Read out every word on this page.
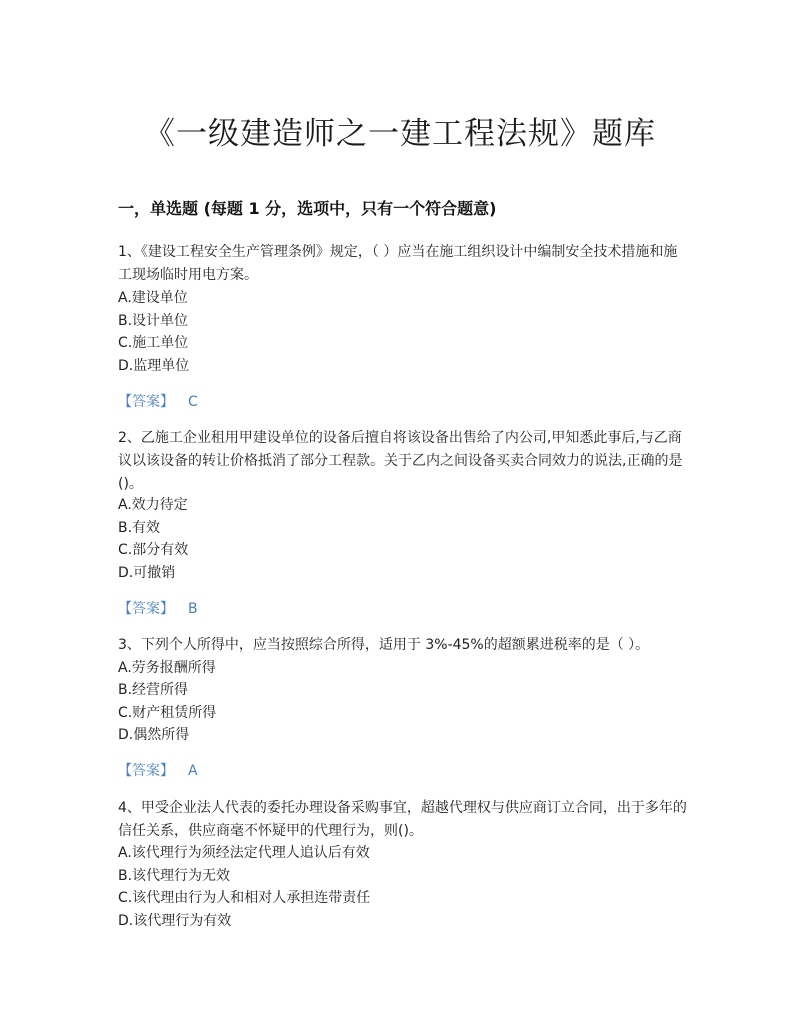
《一级建造师之一建工程法规》题库
一，单选题 (每题 1 分，选项中，只有一个符合题意)
1、《建设工程安全生产管理条例》规定，（ ）应当在施工组织设计中编制安全技术措施和施工现场临时用电方案。
A.建设单位
B.设计单位
C.施工单位
D.监理单位
【答案】 C
2、乙施工企业租用甲建设单位的设备后擅自将该设备出售给了内公司,甲知悉此事后,与乙商议以该设备的转让价格抵消了部分工程款。关于乙内之间设备买卖合同效力的说法,正确的是()。
A.效力待定
B.有效
C.部分有效
D.可撤销
【答案】 B
3、下列个人所得中，应当按照综合所得，适用于 3%-45%的超额累进税率的是（ ）。
A.劳务报酬所得
B.经营所得
C.财产租赁所得
D.偶然所得
【答案】 A
4、甲受企业法人代表的委托办理设备采购事宜，超越代理权与供应商订立合同，出于多年的信任关系，供应商毫不怀疑甲的代理行为，则()。
A.该代理行为须经法定代理人追认后有效
B.该代理行为无效
C.该代理由行为人和相对人承担连带责任
D.该代理行为有效
